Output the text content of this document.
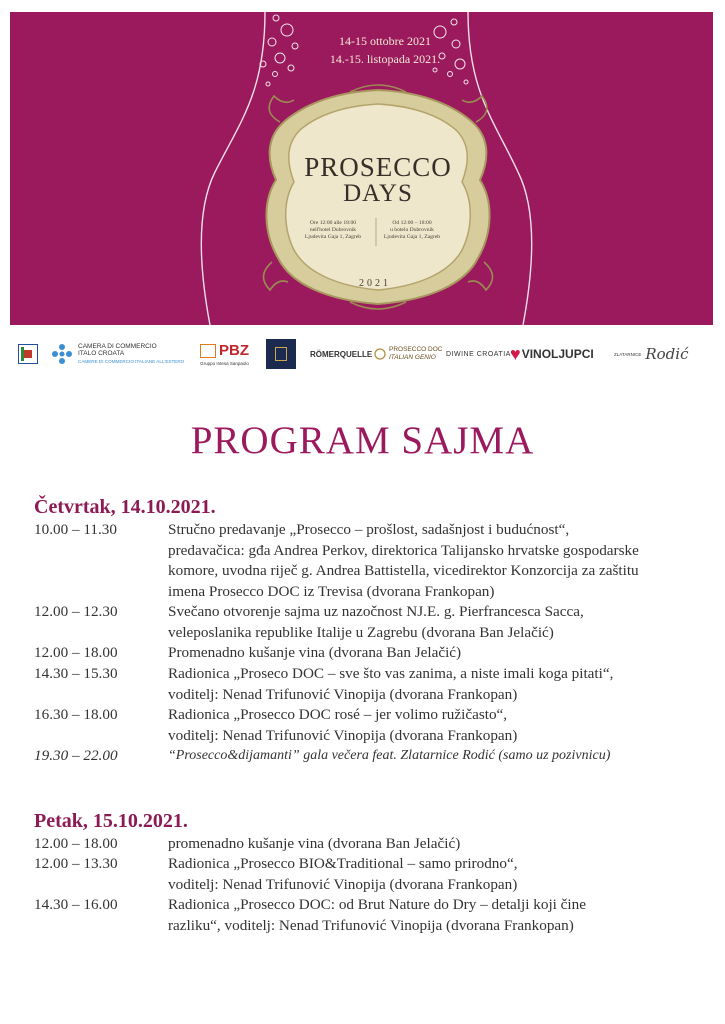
14-15 ottobre 2021
14.-15. listopada 2021.
PROSECCO
DAYS
Ore 12:00 alle 18:00
nell'hotel Dubrovnik
Ljudevita Gaja 1, Zagreb
Od 12:00 – 18:00
u hotelu Dubrovnik
Ljudevita Gaja 1, Zagreb
2021
CAMERA DI COMMERCIO
ITALO CROATA
CAMERE DI COMMERCIO ITALIANE ALL'ESTERO
PBZ
Gruppo Intesa Sanpaolo
RÖMERQUELLE	PROSECCO DOC
ITALIAN GENIO	DIWINE CROATIA ♥ VINOLJUPCI	ZLATARNICE Rodić
PROGRAM SAJMA
Četvrtak, 14.10.2021.
10.00 – 11.30	Stručno predavanje „Prosecco – prošlost, sadašnjost i budućnost“,
predavačica: gđa Andrea Perkov, direktorica Talijansko hrvatske gospodarske
komore, uvodna riječ g. Andrea Battistella, vicedirektor Konzorcija za zaštitu
imena Prosecco DOC iz Trevisa (dvorana Frankopan)
12.00 – 12.30	Svečano otvorenje sajma uz nazočnost NJ.E. g. Pierfrancesca Sacca,
veleposlanika republike Italije u Zagrebu (dvorana Ban Jelačić)
12.00 – 18.00	Promenadno kušanje vina (dvorana Ban Jelačić)
14.30 – 15.30	Radionica „Proseco DOC – sve što vas zanima, a niste imali koga pitati“,
voditelj: Nenad Trifunović Vinopija (dvorana Frankopan)
16.30 – 18.00	Radionica „Prosecco DOC rosé – jer volimo ružičasto“,
voditelj: Nenad Trifunović Vinopija (dvorana Frankopan)
19.30 – 22.00	“Prosecco&dijamanti” gala večera feat. Zlatarnice Rodić (samo uz pozivnicu)
Petak, 15.10.2021.
12.00 – 18.00	promenadno kušanje vina (dvorana Ban Jelačić)
12.00 – 13.30	Radionica „Prosecco BIO&Traditional – samo prirodno“,
voditelj: Nenad Trifunović Vinopija (dvorana Frankopan)
14.30 – 16.00	Radionica „Prosecco DOC: od Brut Nature do Dry – detalji koji čine
razliku“, voditelj: Nenad Trifunović Vinopija (dvorana Frankopan)
